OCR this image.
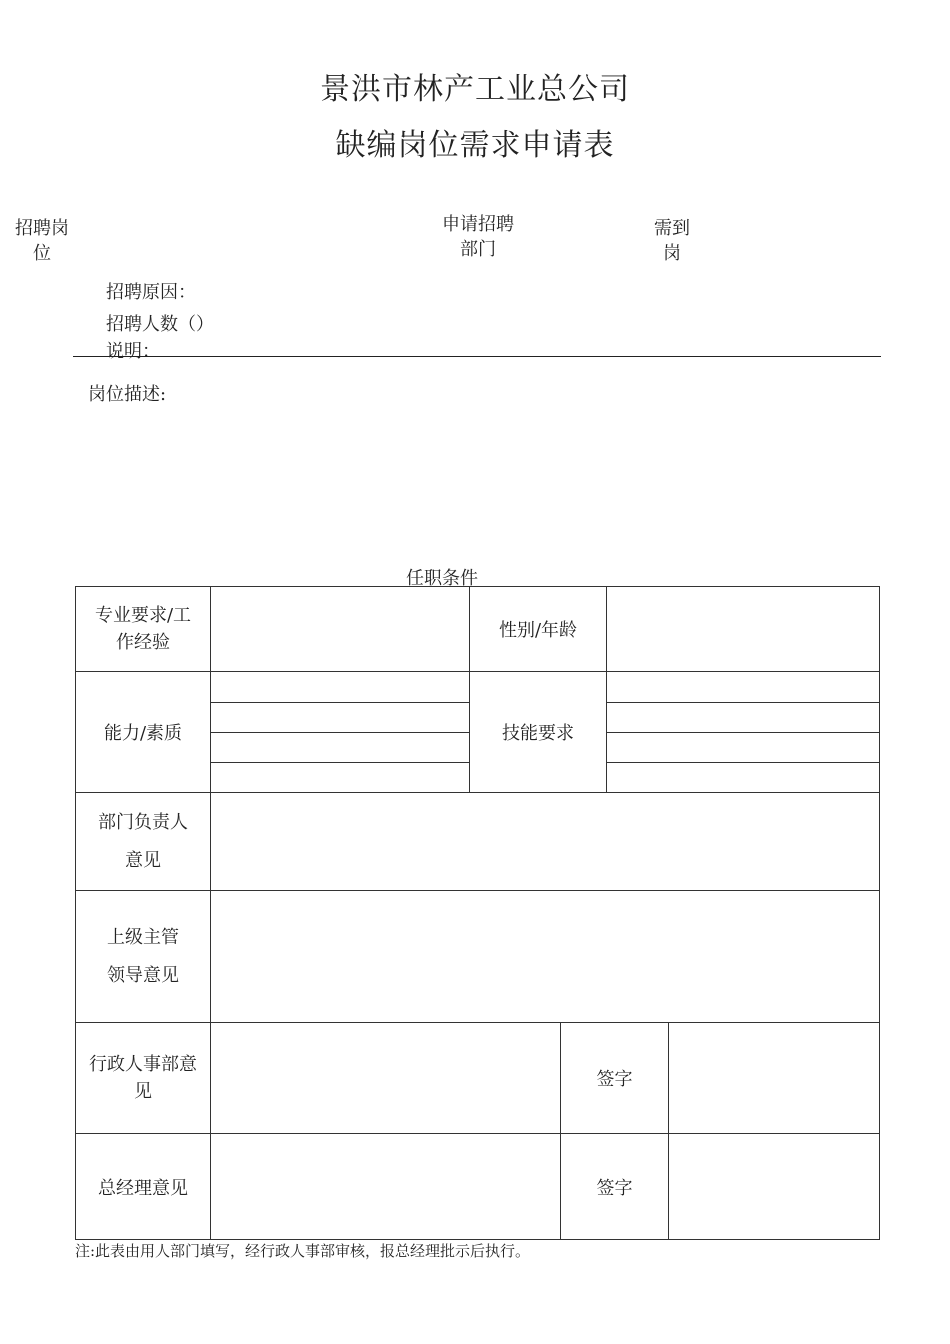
景洪市林产工业总公司
缺编岗位需求申请表
招聘岗
位
申请招聘
部门
需到
岗
招聘原因：
招聘人数（）
说明：
岗位描述:
任职条件
专业要求/工
作经验
		性别/年龄	
能力/素质		技能要求	

部门负责人
意见

上级主管
领导意见

行政人事部意
见
		签字	
总经理意见		签字	
注:此表由用人部门填写，经行政人事部审核，报总经理批示后执行。
